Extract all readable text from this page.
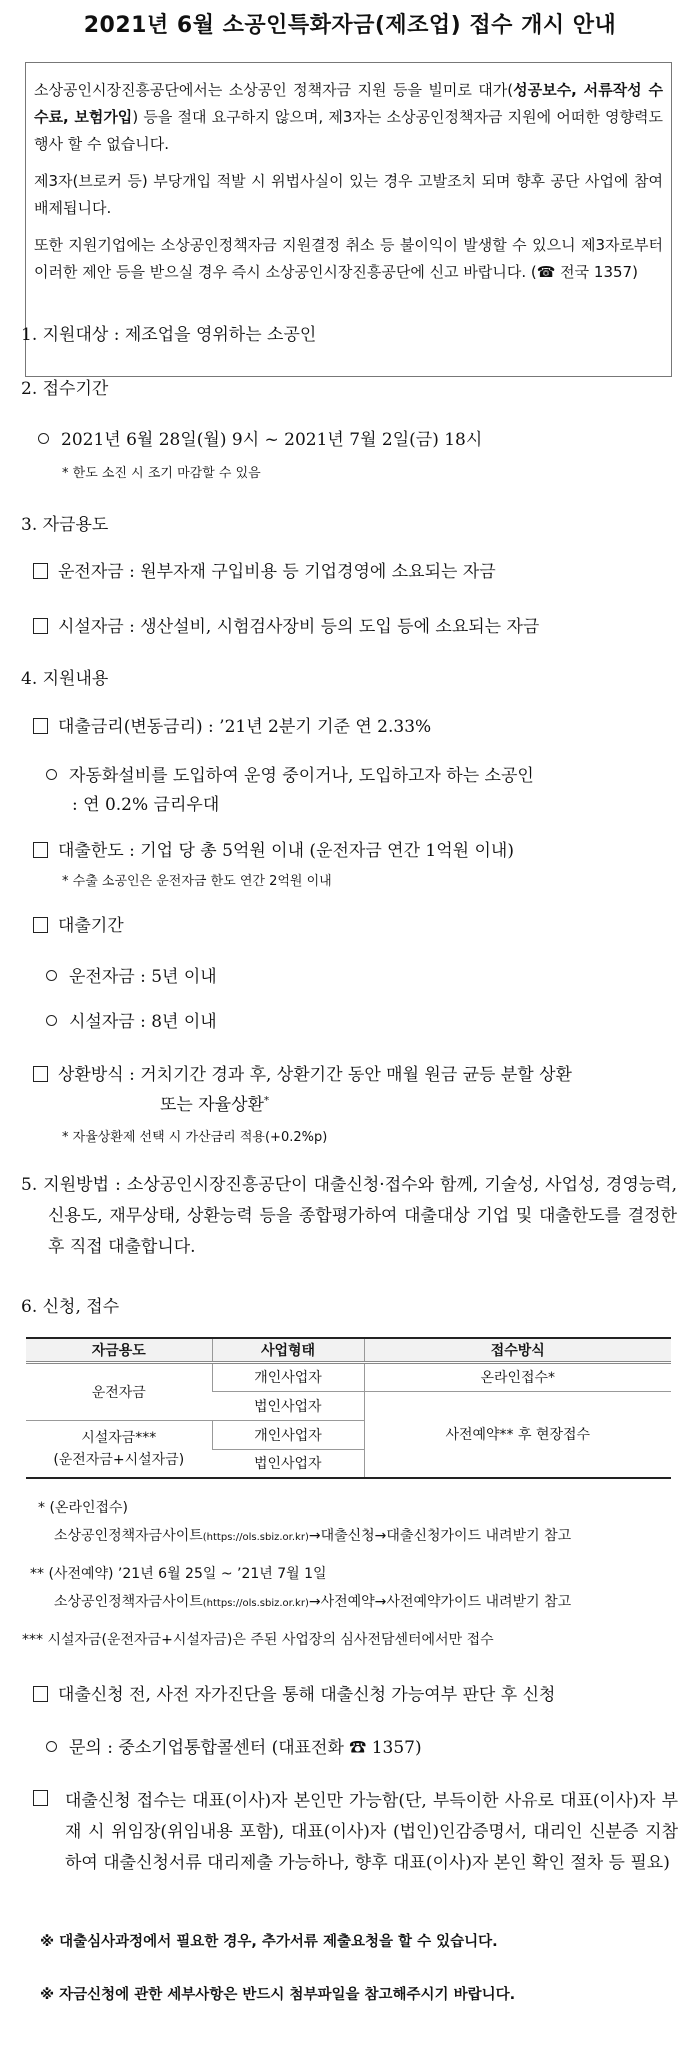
2021년 6월 소공인특화자금(제조업) 접수 개시 안내

소상공인시장진흥공단에서는 소상공인 정책자금 지원 등을 빌미로 대가(성공보수, 서류작성 수수료, 보험가입) 등을 절대 요구하지 않으며, 제3자는 소상공인정책자금 지원에 어떠한 영향력도 행사 할 수 없습니다.

제3자(브로커 등) 부당개입 적발 시 위법사실이 있는 경우 고발조치 되며 향후 공단 사업에 참여 배제됩니다.

또한 지원기업에는 소상공인정책자금 지원결정 취소 등 불이익이 발생할 수 있으니 제3자로부터 이러한 제안 등을 받으실 경우 즉시 소상공인시장진흥공단에 신고 바랍니다. (☎ 전국 1357)

1. 지원대상 : 제조업을 영위하는 소공인
2. 접수기간
2021년 6월 28일(월) 9시 ~ 2021년 7월 2일(금) 18시
* 한도 소진 시 조기 마감할 수 있음
3. 자금용도
운전자금 : 원부자재 구입비용 등 기업경영에 소요되는 자금
시설자금 : 생산설비, 시험검사장비 등의 도입 등에 소요되는 자금
4. 지원내용
대출금리(변동금리) : ’21년 2분기 기준 연 2.33%
자동화설비를 도입하여 운영 중이거나, 도입하고자 하는 소공인
: 연 0.2% 금리우대
대출한도 : 기업 당 총 5억원 이내 (운전자금 연간 1억원 이내)
* 수출 소공인은 운전자금 한도 연간 2억원 이내
대출기간
운전자금 : 5년 이내
시설자금 : 8년 이내
상환방식 : 거치기간 경과 후, 상환기간 동안 매월 원금 균등 분할 상환
또는 자율상환*
* 자율상환제 선택 시 가산금리 적용(+0.2%p)
5. 지원방법 : 소상공인시장진흥공단이 대출신청·접수와 함께, 기술성, 사업성, 경영능력, 신용도, 재무상태, 상환능력 등을 종합평가하여 대출대상 기업 및 대출한도를 결정한 후 직접 대출합니다.
6. 신청, 접수
자금용도	사업형태	접수방식
운전자금	개인사업자	온라인접수*
	법인사업자	사전예약** 후 현장접수
시설자금***
(운전자금+시설자금)	개인사업자	
	법인사업자	
* (온라인접수)
소상공인정책자금사이트(https://ols.sbiz.or.kr)→대출신청→대출신청가이드 내려받기 참고
** (사전예약) ’21년 6월 25일 ~ ’21년 7월 1일
소상공인정책자금사이트(https://ols.sbiz.or.kr)→사전예약→사전예약가이드 내려받기 참고
*** 시설자금(운전자금+시설자금)은 주된 사업장의 심사전담센터에서만 접수
대출신청 전, 사전 자가진단을 통해 대출신청 가능여부 판단 후 신청
문의 : 중소기업통합콜센터 (대표전화 ☎ 1357)
대출신청 접수는 대표(이사)자 본인만 가능함(단, 부득이한 사유로 대표(이사)자 부재 시 위임장(위임내용 포함), 대표(이사)자 (법인)인감증명서, 대리인 신분증 지참하여 대출신청서류 대리제출 가능하나, 향후 대표(이사)자 본인 확인 절차 등 필요)
※ 대출심사과정에서 필요한 경우, 추가서류 제출요청을 할 수 있습니다.
※ 자금신청에 관한 세부사항은 반드시 첨부파일을 참고해주시기 바랍니다.
